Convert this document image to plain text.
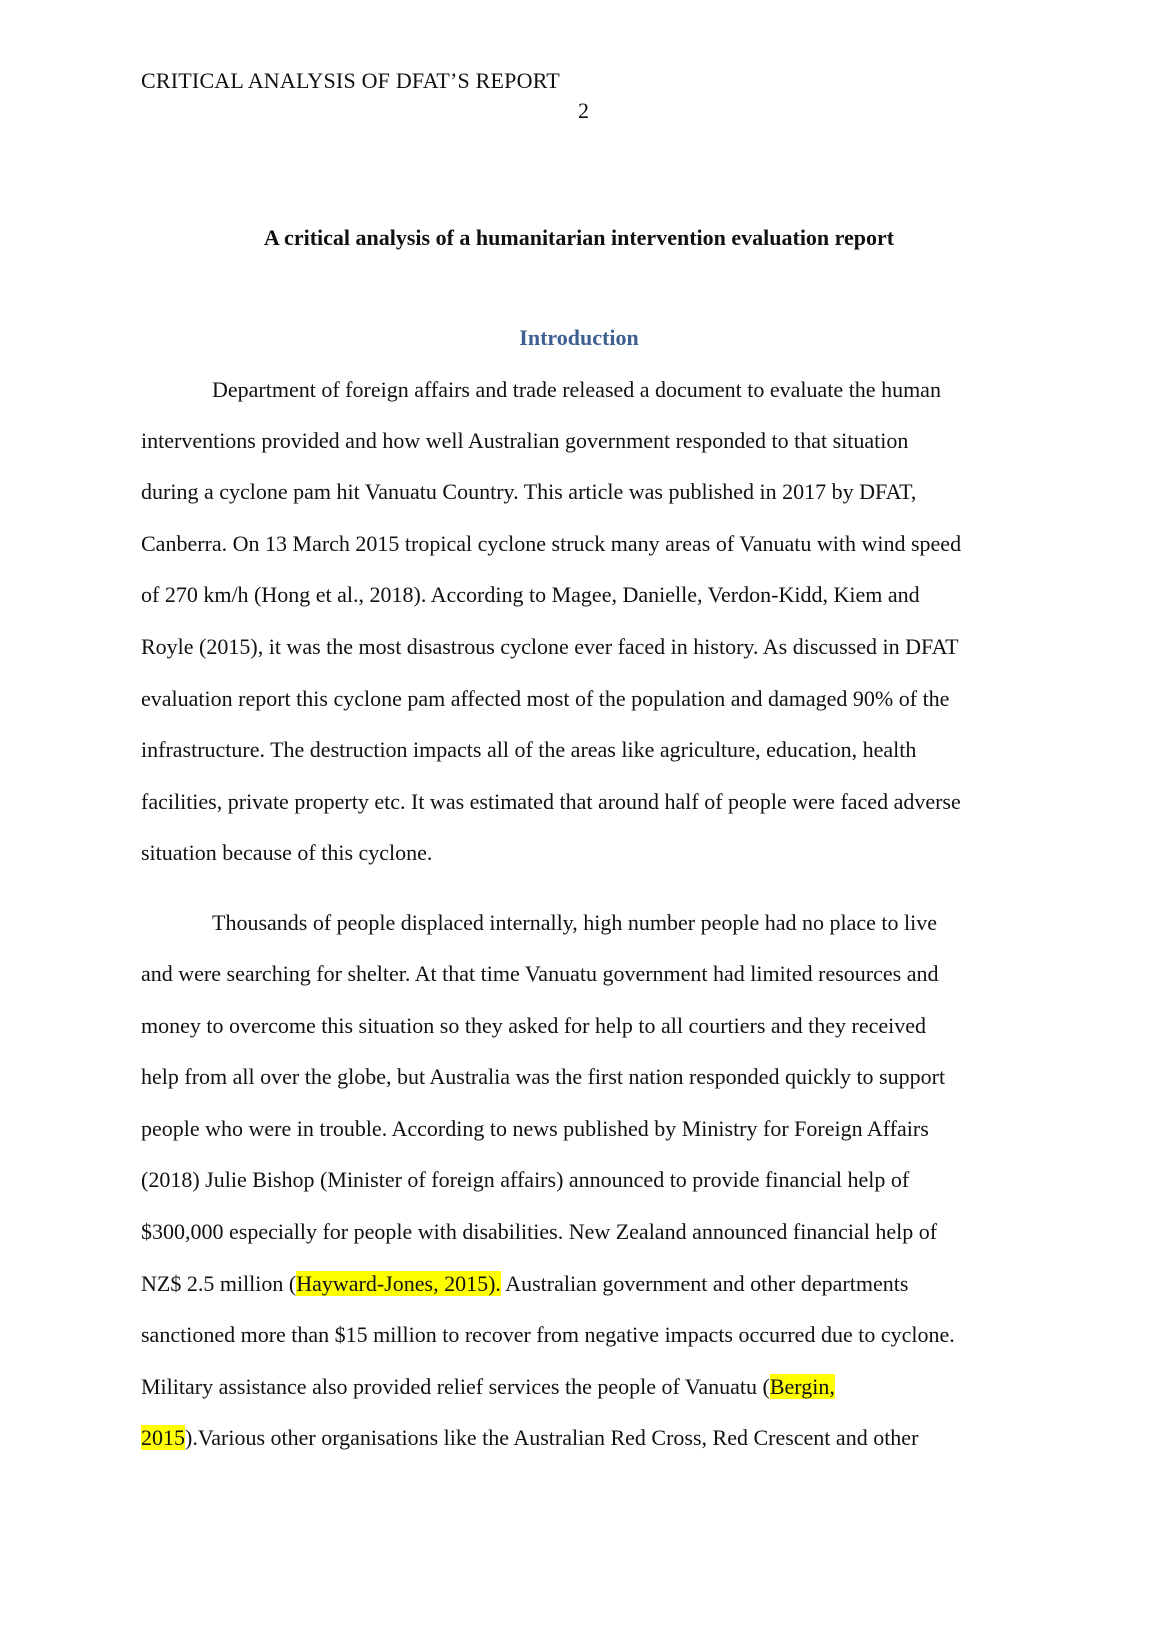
CRITICAL ANALYSIS OF DFAT’S REPORT
2
A critical analysis of a humanitarian intervention evaluation report
Introduction
Department of foreign affairs and trade released a document to evaluate the human
interventions provided and how well Australian government responded to that situation
during a cyclone pam hit Vanuatu Country. This article was published in 2017 by DFAT,
Canberra. On 13 March 2015 tropical cyclone struck many areas of Vanuatu with wind speed
of 270 km/h (Hong et al., 2018). According to Magee, Danielle, Verdon-Kidd, Kiem and
Royle (2015), it was the most disastrous cyclone ever faced in history. As discussed in DFAT
evaluation report this cyclone pam affected most of the population and damaged 90% of the
infrastructure. The destruction impacts all of the areas like agriculture, education, health
facilities, private property etc. It was estimated that around half of people were faced adverse
situation because of this cyclone.
Thousands of people displaced internally, high number people had no place to live
and were searching for shelter. At that time Vanuatu government had limited resources and
money to overcome this situation so they asked for help to all courtiers and they received
help from all over the globe, but Australia was the first nation responded quickly to support
people who were in trouble. According to news published by Ministry for Foreign Affairs
(2018) Julie Bishop (Minister of foreign affairs) announced to provide financial help of
$300,000 especially for people with disabilities. New Zealand announced financial help of
NZ$ 2.5 million (Hayward-Jones, 2015). Australian government and other departments
sanctioned more than $15 million to recover from negative impacts occurred due to cyclone.
Military assistance also provided relief services the people of Vanuatu (Bergin,
2015).Various other organisations like the Australian Red Cross, Red Crescent and other
